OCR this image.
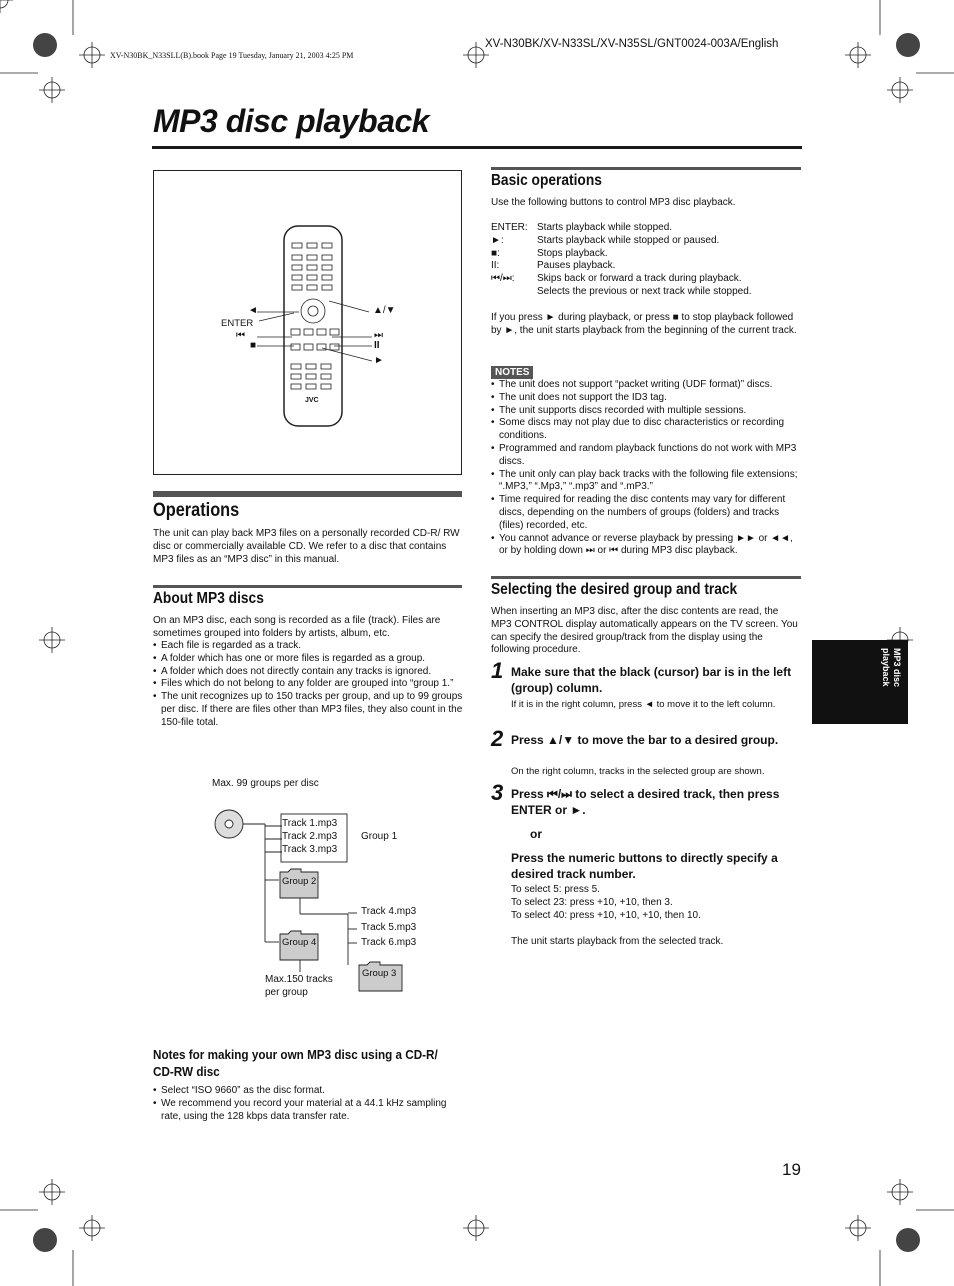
XV-N30BK/XV-N33SL/XV-N35SL/GNT0024-003A/English
XV-N30BK_N33SLL(B).book Page 19 Tuesday, January 21, 2003 4:25 PM
MP3 disc playback
ENTER
◄
⏮
■
▲/▼
⏭
II
►
JVC
Operations

The unit can play back MP3 files on a personally recorded CD-R/ RW disc or commercially available CD. We refer to a disc that contains MP3 files as an “MP3 disc” in this manual.

About MP3 discs

On an MP3 disc, each song is recorded as a file (track). Files are sometimes grouped into folders by artists, album, etc.

• Each file is regarded as a track.
• A folder which has one or more files is regarded as a group.
• A folder which does not directly contain any tracks is ignored.
• Files which do not belong to any folder are grouped into “group 1.”
• The unit recognizes up to 150 tracks per group, and up to 99 groups per disc. If there are files other than MP3 files, they also count in the 150-file total.
Max. 99 groups per disc
Track 1.mp3
Track 2.mp3
Track 3.mp3
Group 1
Group 2
Track 4.mp3
Track 5.mp3
Track 6.mp3
Group 4
Group 3
Max.150 tracks
per group
Notes for making your own MP3 disc using a CD-R/ CD-RW disc
• Select “ISO 9660” as the disc format.
• We recommend you record your material at a 44.1 kHz sampling rate, using the 128 kbps data transfer rate.
Basic operations

Use the following buttons to control MP3 disc playback.

ENTER: Starts playback while stopped.
►:	Starts playback while stopped or paused.
■:	Stops playback.
II:	Pauses playback.
⏮/⏭:	Skips back or forward a track during playback.
Selects the previous or next track while stopped.

If you press ► during playback, or press ■ to stop playback followed by ►, the unit starts playback from the beginning of the current track.

NOTES
• The unit does not support “packet writing (UDF format)” discs.
• The unit does not support the ID3 tag.
• The unit supports discs recorded with multiple sessions.
• Some discs may not play due to disc characteristics or recording conditions.
• Programmed and random playback functions do not work with MP3 discs.
• The unit only can play back tracks with the following file extensions; “.MP3,” “.Mp3,” “.mp3” and “.mP3.”
• Time required for reading the disc contents may vary for different discs, depending on the numbers of groups (folders) and tracks (files) recorded, etc.
• You cannot advance or reverse playback by pressing ►► or ◄◄, or by holding down ⏭ or ⏮ during MP3 disc playback.
Selecting the desired group and track

When inserting an MP3 disc, after the disc contents are read, the MP3 CONTROL display automatically appears on the TV screen. You can specify the desired group/track from the display using the following procedure.

1 Make sure that the black (cursor) bar is in the left (group) column.

If it is in the right column, press ◄ to move it to the left column.

2 Press ▲/▼ to move the bar to a desired group.

On the right column, tracks in the selected group are shown.

3 Press ⏮/⏭ to select a desired track, then press ENTER or ►.
or
Press the numeric buttons to directly specify a desired track number.

To select 5: press 5.

To select 23: press +10, +10, then 3.

To select 40: press +10, +10, +10, then 10.

The unit starts playback from the selected track.

MP3 disc playback
19
